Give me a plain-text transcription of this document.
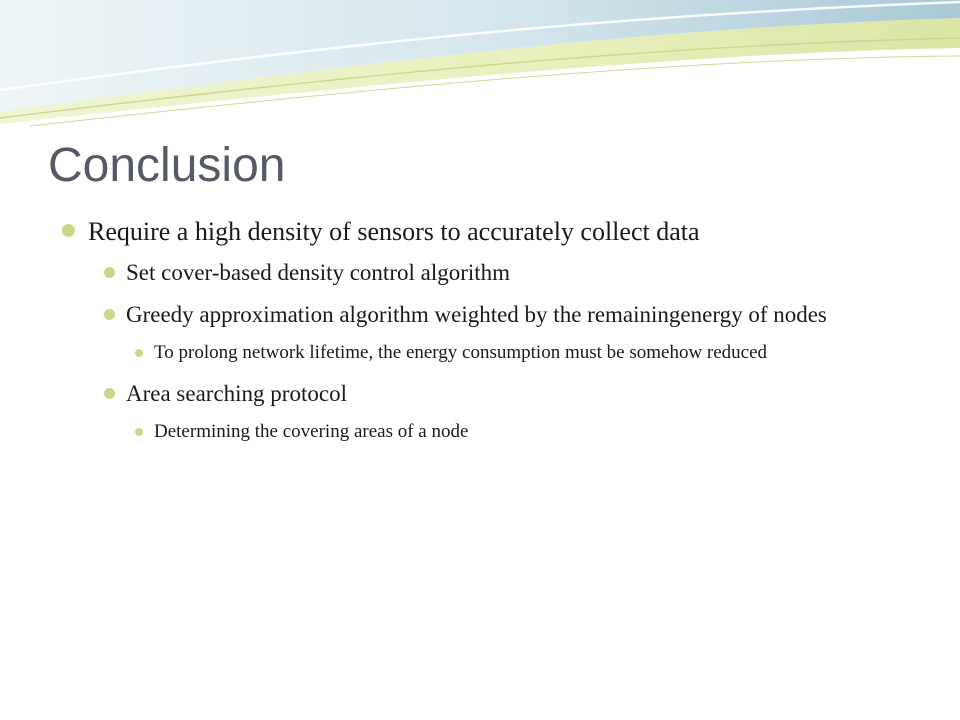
Conclusion
Require a high density of sensors to accurately collect data
Set cover-based density control algorithm
Greedy approximation algorithm weighted by the remainingenergy of nodes
To prolong network lifetime, the energy consumption must be somehow reduced
Area searching protocol
Determining the covering areas of a node
